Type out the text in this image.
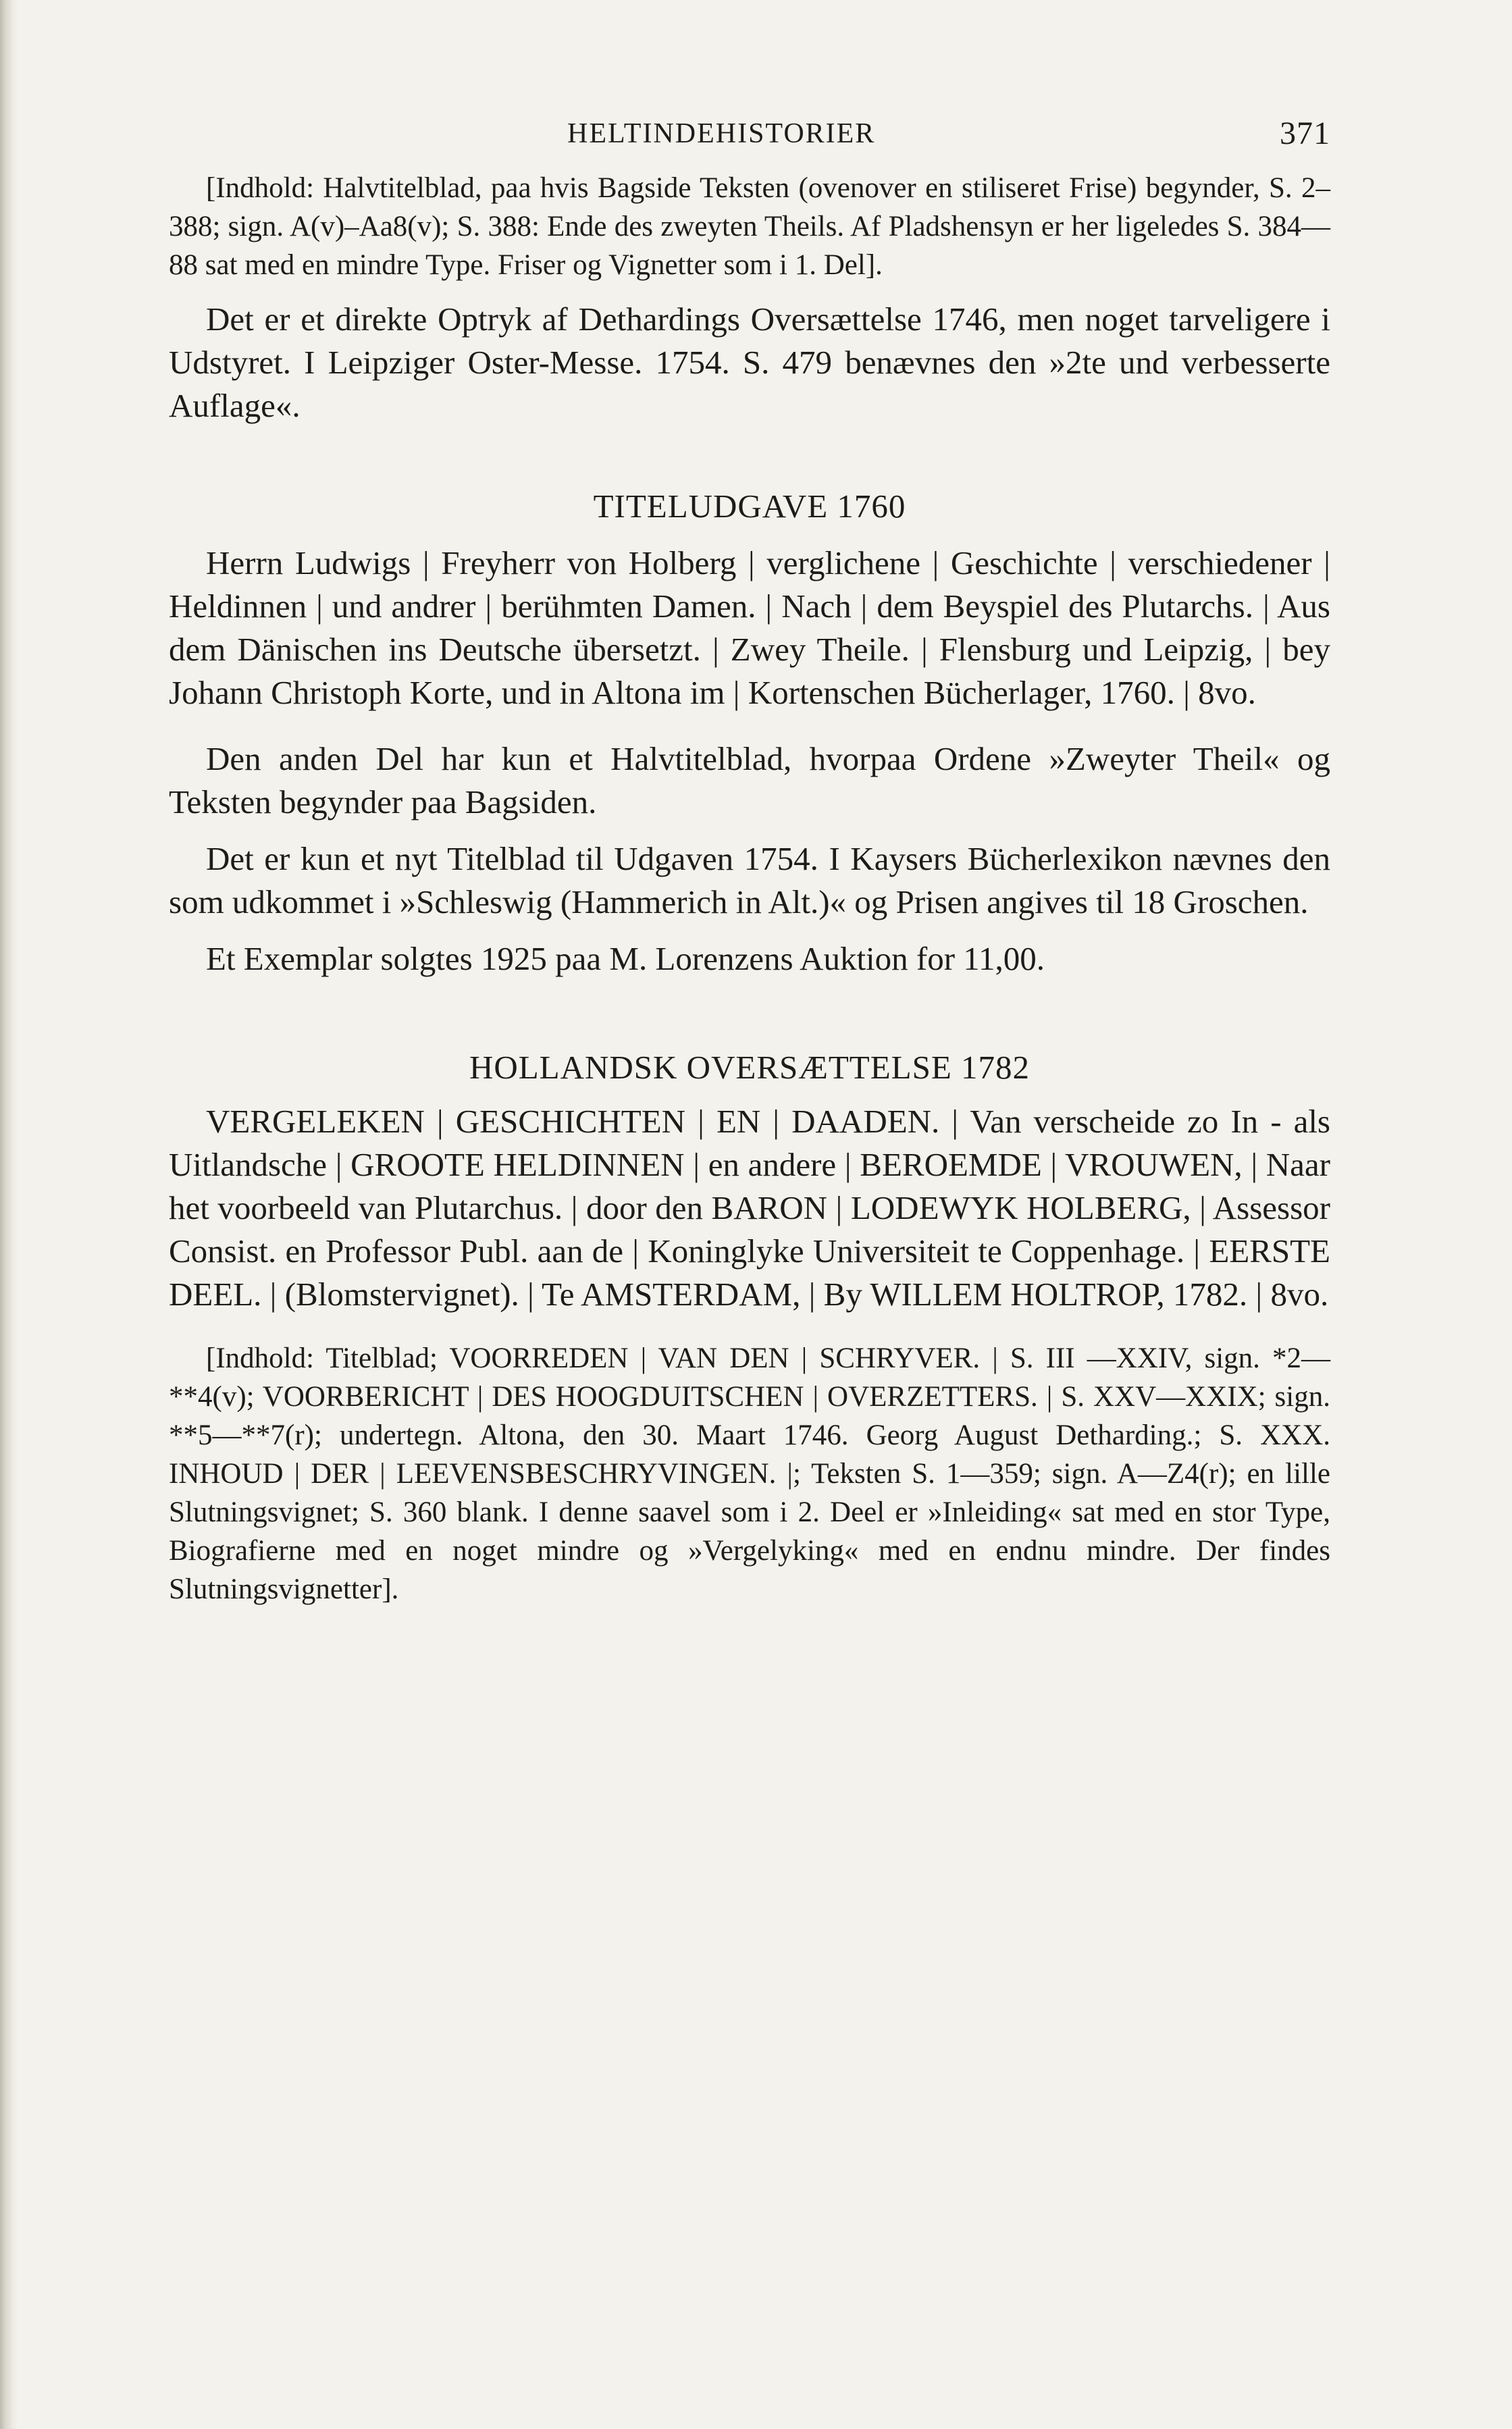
HELTINDEHISTORIER	371

[Indhold: Halvtitelblad, paa hvis Bagside Teksten (ovenover en stiliseret Frise) begynder, S. 2–388; sign. A(v)–Aa8(v); S. 388: Ende des zweyten Theils. Af Pladshensyn er her ligeledes S. 384—88 sat med en mindre Type. Friser og Vignetter som i 1. Del].

Det er et direkte Optryk af Dethardings Oversættelse 1746, men noget tarveligere i Udstyret. I Leipziger Oster-Messe. 1754. S. 479 benævnes den »2te und verbesserte Auflage«.

TITELUDGAVE 1760

Herrn Ludwigs | Freyherr von Holberg | verglichene | Geschichte | verschiedener | Heldinnen | und andrer | berühmten Damen. | Nach | dem Beyspiel des Plutarchs. | Aus dem Dänischen ins Deutsche übersetzt. | Zwey Theile. | Flensburg und Leipzig, | bey Johann Christoph Korte, und in Altona im | Kortenschen Bücherlager, 1760. | 8vo.

Den anden Del har kun et Halvtitelblad, hvorpaa Ordene »Zweyter Theil« og Teksten begynder paa Bagsiden.

Det er kun et nyt Titelblad til Udgaven 1754. I Kaysers Bücherlexikon nævnes den som udkommet i »Schleswig (Hammerich in Alt.)« og Prisen angives til 18 Groschen.

Et Exemplar solgtes 1925 paa M. Lorenzens Auktion for 11,00.

HOLLANDSK OVERSÆTTELSE 1782

VERGELEKEN | GESCHICHTEN | EN | DAADEN. | Van verscheide zo In - als Uitlandsche | GROOTE HELDINNEN | en andere | BEROEMDE | VROUWEN, | Naar het voorbeeld van Plutarchus. | door den BARON | LODEWYK HOLBERG, | Assessor Consist. en Professor Publ. aan de | Koninglyke Universiteit te Coppenhage. | EERSTE DEEL. | (Blomstervignet). | Te AMSTERDAM, | By WILLEM HOLTROP, 1782. | 8vo.

[Indhold: Titelblad; VOORREDEN | VAN DEN | SCHRYVER. | S. III —XXIV, sign. *2—**4(v); VOORBERICHT | DES HOOGDUITSCHEN | OVERZETTERS. | S. XXV—XXIX; sign. **5—**7(r); undertegn. Altona, den 30. Maart 1746. Georg August Detharding.; S. XXX. INHOUD | DER | LEEVENSBESCHRYVINGEN. |; Teksten S. 1—359; sign. A—Z4(r); en lille Slutningsvignet; S. 360 blank. I denne saavel som i 2. Deel er »Inleiding« sat med en stor Type, Biografierne med en noget mindre og »Vergelyking« med en endnu mindre. Der findes Slutningsvignetter].
